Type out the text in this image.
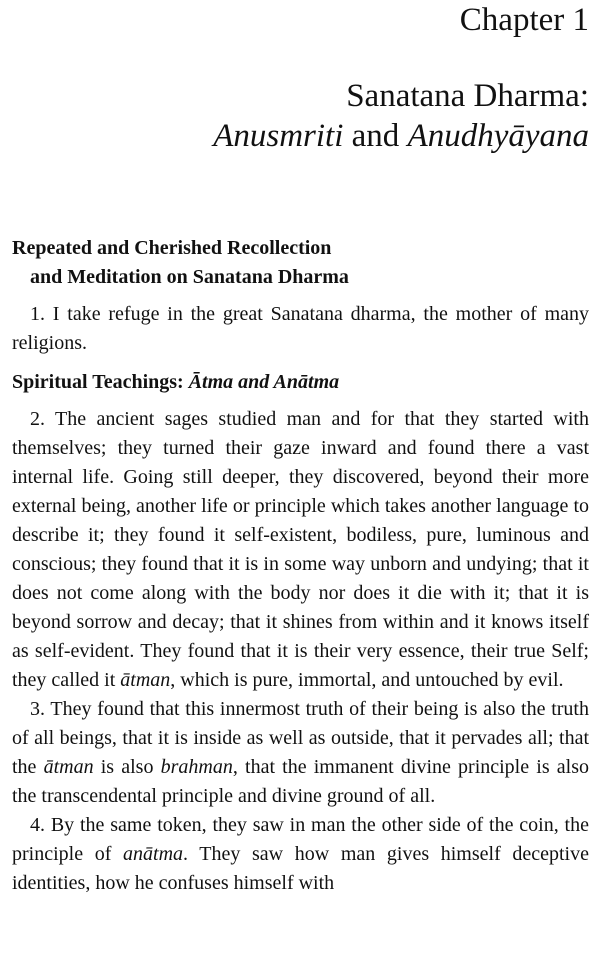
Chapter 1
Sanatana Dharma:
Anusmriti and Anudhyāyana
Repeated and Cherished Recollection
and Meditation on Sanatana Dharma

1. I take refuge in the great Sanatana dharma, the mother of many religions.

Spiritual Teachings: Ātma and Anātma

2. The ancient sages studied man and for that they started with themselves; they turned their gaze inward and found there a vast internal life. Going still deeper, they discovered, beyond their more external being, another life or principle which takes another language to describe it; they found it self-existent, bodiless, pure, luminous and conscious; they found that it is in some way unborn and undying; that it does not come along with the body nor does it die with it; that it is beyond sorrow and decay; that it shines from within and it knows itself as self-evident. They found that it is their very essence, their true Self; they called it ātman, which is pure, immortal, and untouched by evil.

3. They found that this innermost truth of their being is also the truth of all beings, that it is inside as well as outside, that it pervades all; that the ātman is also brahman, that the immanent divine principle is also the transcendental principle and divine ground of all.

4. By the same token, they saw in man the other side of the coin, the principle of anātma. They saw how man gives himself deceptive identities, how he confuses himself with
